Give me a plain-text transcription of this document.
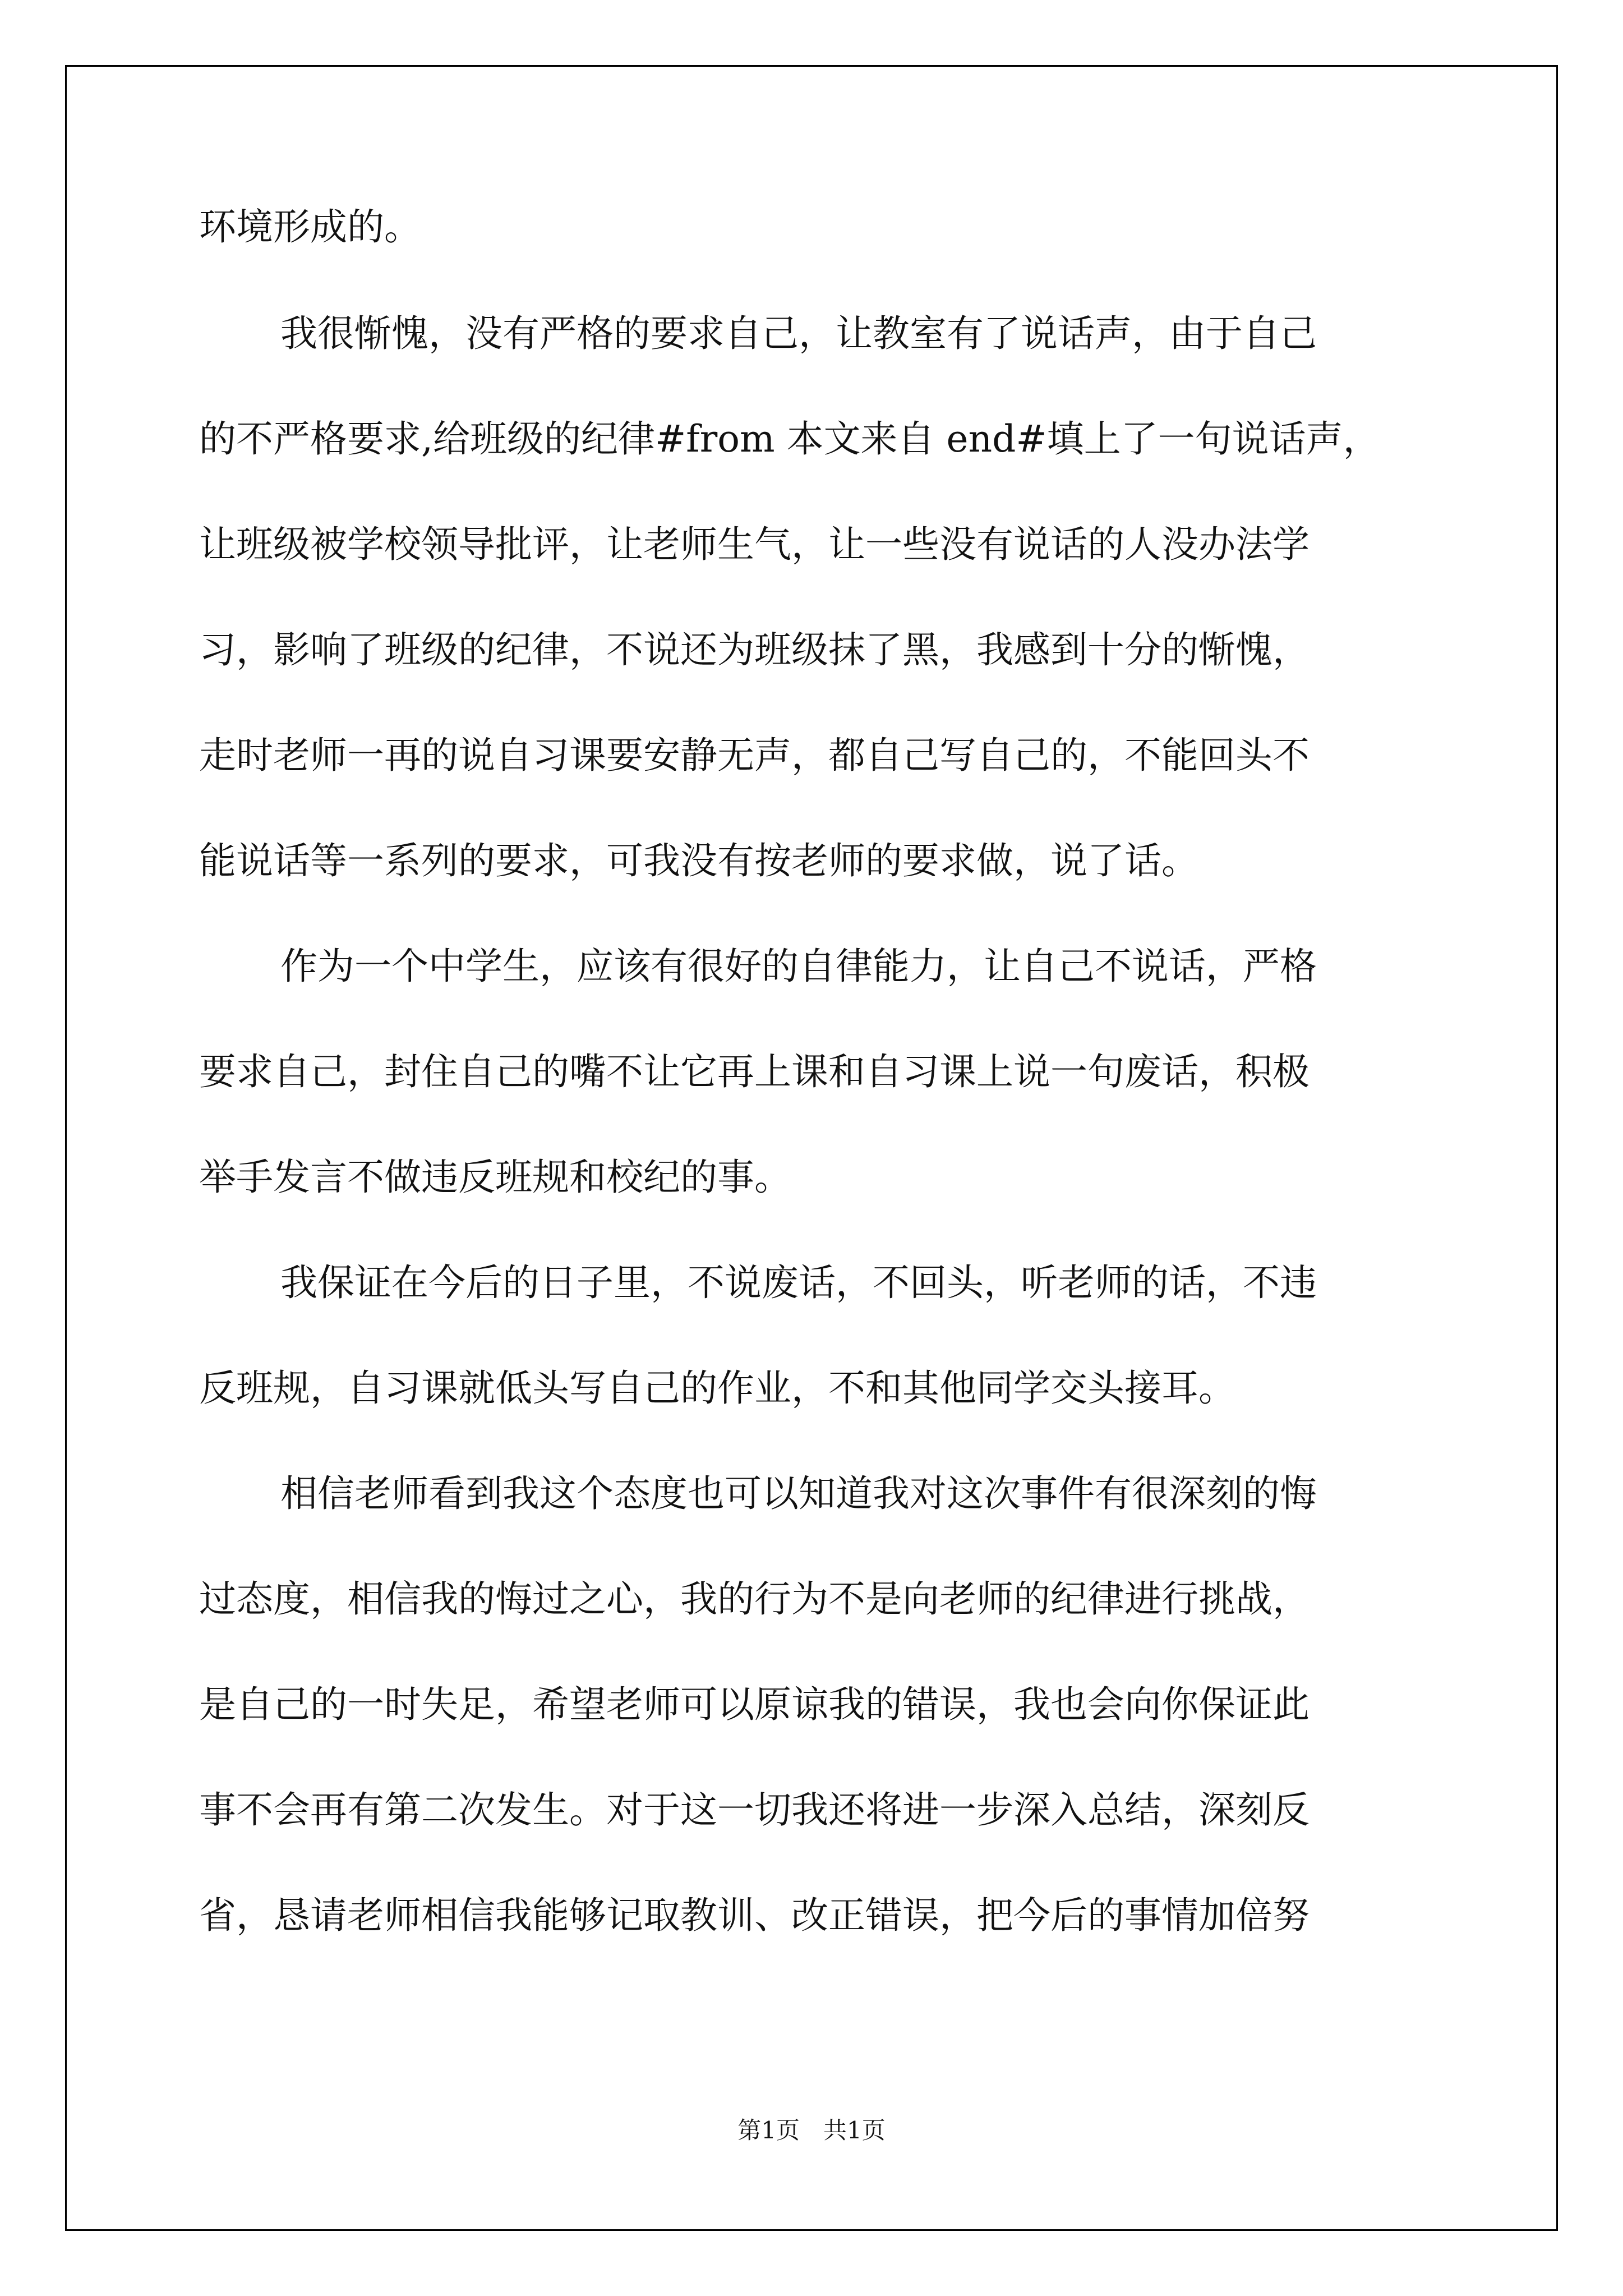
环境形成的。
我很惭愧，没有严格的要求自己，让教室有了说话声，由于自己
的不严格要求,给班级的纪律#from 本文来自 end#填上了一句说话声，
让班级被学校领导批评，让老师生气，让一些没有说话的人没办法学
习，影响了班级的纪律，不说还为班级抹了黑，我感到十分的惭愧，
走时老师一再的说自习课要安静无声，都自己写自己的，不能回头不
能说话等一系列的要求，可我没有按老师的要求做，说了话。
作为一个中学生，应该有很好的自律能力，让自己不说话，严格
要求自己，封住自己的嘴不让它再上课和自习课上说一句废话，积极
举手发言不做违反班规和校纪的事。
我保证在今后的日子里，不说废话，不回头，听老师的话，不违
反班规，自习课就低头写自己的作业，不和其他同学交头接耳。
相信老师看到我这个态度也可以知道我对这次事件有很深刻的悔
过态度，相信我的悔过之心，我的行为不是向老师的纪律进行挑战，
是自己的一时失足，希望老师可以原谅我的错误，我也会向你保证此
事不会再有第二次发生。对于这一切我还将进一步深入总结，深刻反
省，恳请老师相信我能够记取教训、改正错误，把今后的事情加倍努
第1页　共1页
